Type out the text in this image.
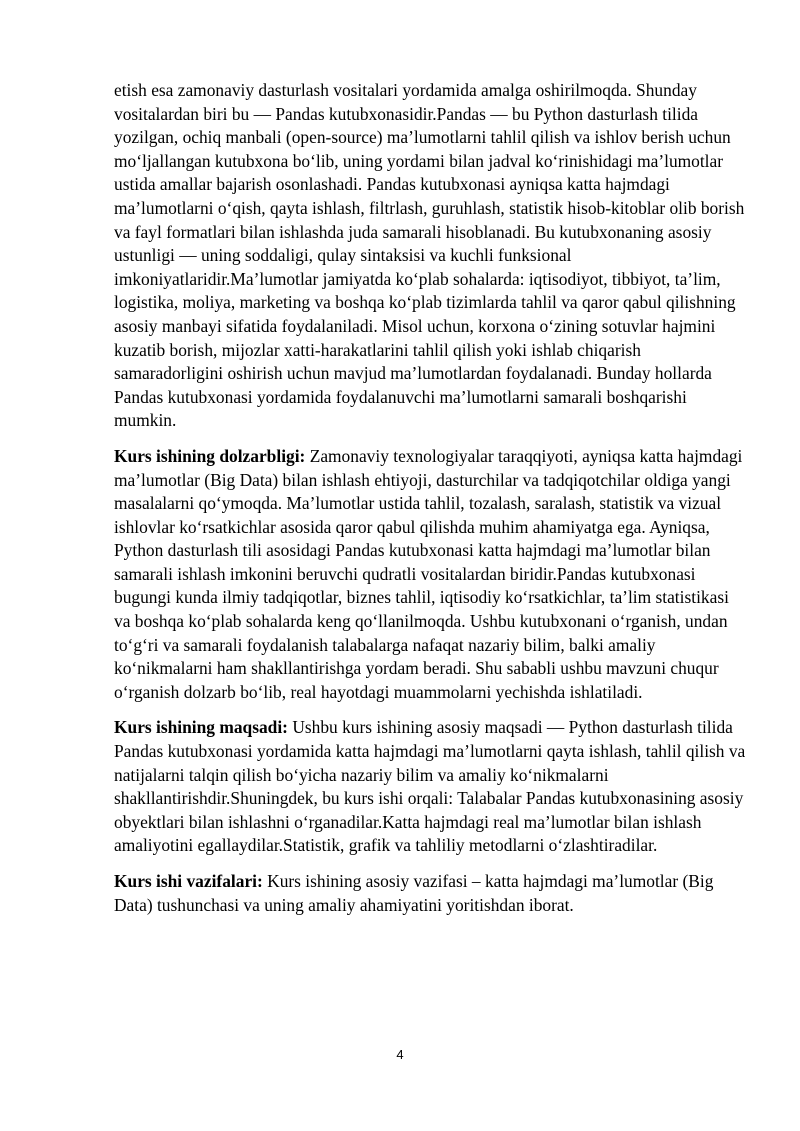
etish esa zamonaviy dasturlash vositalari yordamida amalga oshirilmoqda. Shunday vositalardan biri bu — Pandas kutubxonasidir.Pandas — bu Python dasturlash tilida yozilgan, ochiq manbali (open-source) ma’lumotlarni tahlil qilish va ishlov berish uchun mo‘ljallangan kutubxona bo‘lib, uning yordami bilan jadval ko‘rinishidagi ma’lumotlar ustida amallar bajarish osonlashadi. Pandas kutubxonasi ayniqsa katta hajmdagi ma’lumotlarni o‘qish, qayta ishlash, filtrlash, guruhlash, statistik hisob-kitoblar olib borish va fayl formatlari bilan ishlashda juda samarali hisoblanadi. Bu kutubxonaning asosiy ustunligi — uning soddaligi, qulay sintaksisi va kuchli funksional imkoniyatlaridir.Ma’lumotlar jamiyatda ko‘plab sohalarda: iqtisodiyot, tibbiyot, ta’lim, logistika, moliya, marketing va boshqa ko‘plab tizimlarda tahlil va qaror qabul qilishning asosiy manbayi sifatida foydalaniladi. Misol uchun, korxona o‘zining sotuvlar hajmini kuzatib borish, mijozlar xatti-harakatlarini tahlil qilish yoki ishlab chiqarish samaradorligini oshirish uchun mavjud ma’lumotlardan foydalanadi. Bunday hollarda Pandas kutubxonasi yordamida foydalanuvchi ma’lumotlarni samarali boshqarishi mumkin.

Kurs ishining dolzarbligi: Zamonaviy texnologiyalar taraqqiyoti, ayniqsa katta hajmdagi ma’lumotlar (Big Data) bilan ishlash ehtiyoji, dasturchilar va tadqiqotchilar oldiga yangi masalalarni qo‘ymoqda. Ma’lumotlar ustida tahlil, tozalash, saralash, statistik va vizual ishlovlar ko‘rsatkichlar asosida qaror qabul qilishda muhim ahamiyatga ega. Ayniqsa, Python dasturlash tili asosidagi Pandas kutubxonasi katta hajmdagi ma’lumotlar bilan samarali ishlash imkonini beruvchi qudratli vositalardan biridir.Pandas kutubxonasi bugungi kunda ilmiy tadqiqotlar, biznes tahlil, iqtisodiy ko‘rsatkichlar, ta’lim statistikasi va boshqa ko‘plab sohalarda keng qo‘llanilmoqda. Ushbu kutubxonani o‘rganish, undan to‘g‘ri va samarali foydalanish talabalarga nafaqat nazariy bilim, balki amaliy ko‘nikmalarni ham shakllantirishga yordam beradi. Shu sababli ushbu mavzuni chuqur o‘rganish dolzarb bo‘lib, real hayotdagi muammolarni yechishda ishlatiladi.

Kurs ishining maqsadi: Ushbu kurs ishining asosiy maqsadi — Python dasturlash tilida Pandas kutubxonasi yordamida katta hajmdagi ma’lumotlarni qayta ishlash, tahlil qilish va natijalarni talqin qilish bo‘yicha nazariy bilim va amaliy ko‘nikmalarni shakllantirishdir.Shuningdek, bu kurs ishi orqali: Talabalar Pandas kutubxonasining asosiy obyektlari bilan ishlashni o‘rganadilar.Katta hajmdagi real ma’lumotlar bilan ishlash amaliyotini egallaydilar.Statistik, grafik va tahliliy metodlarni o‘zlashtiradilar.

Kurs ishi vazifalari: Kurs ishining asosiy vazifasi – katta hajmdagi ma’lumotlar (Big Data) tushunchasi va uning amaliy ahamiyatini yoritishdan iborat.

4
